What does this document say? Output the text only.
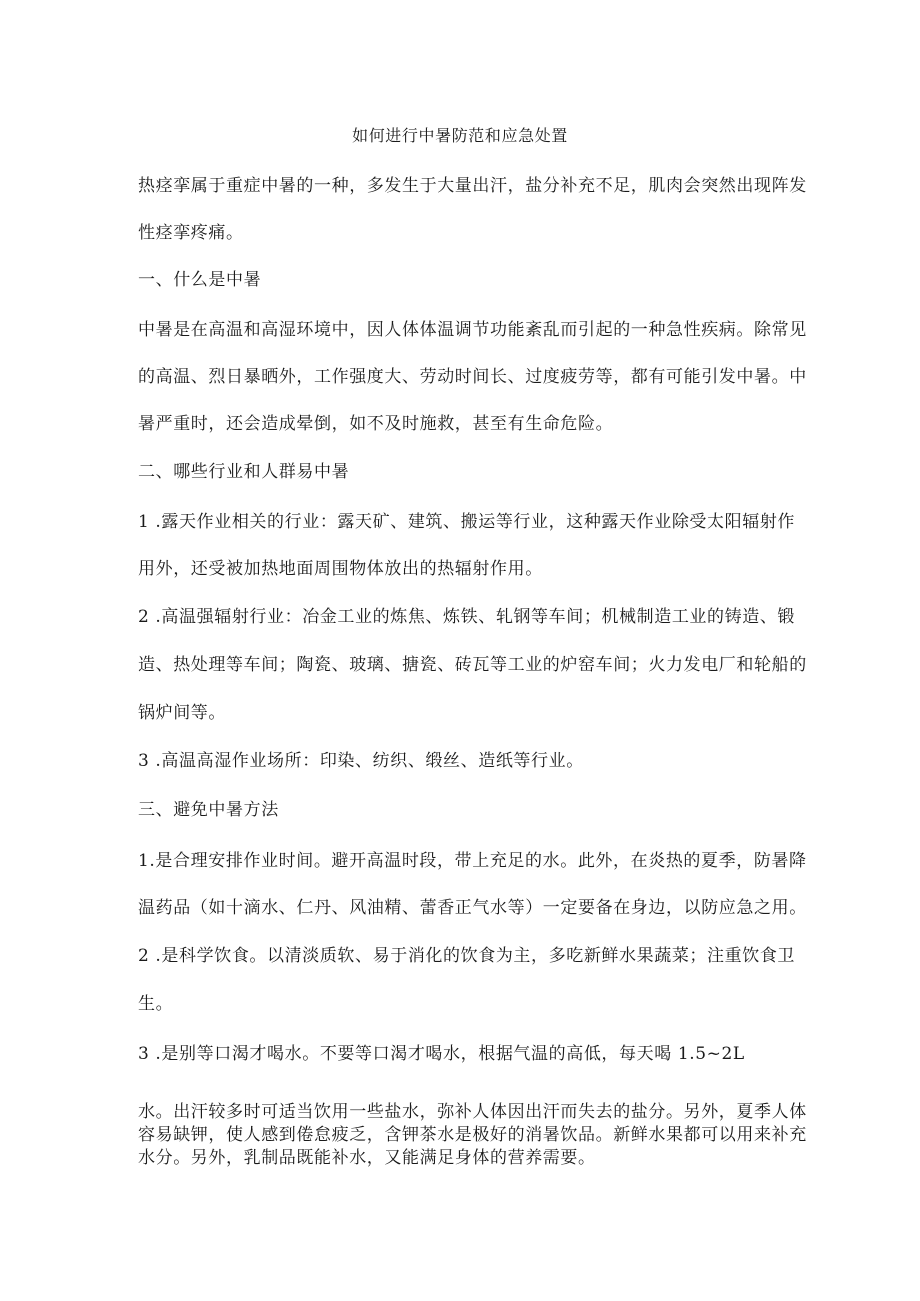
如何进行中暑防范和应急处置
热痉挛属于重症中暑的一种，多发生于大量出汗，盐分补充不足，肌肉会突然出现阵发
性痉挛疼痛。
一、什么是中暑
中暑是在高温和高湿环境中，因人体体温调节功能紊乱而引起的一种急性疾病。除常见
的高温、烈日暴晒外，工作强度大、劳动时间长、过度疲劳等，都有可能引发中暑。中
暑严重时，还会造成晕倒，如不及时施救，甚至有生命危险。
二、哪些行业和人群易中暑
1 .露天作业相关的行业：露天矿、建筑、搬运等行业，这种露天作业除受太阳辐射作
用外，还受被加热地面周围物体放出的热辐射作用。
2 .高温强辐射行业：冶金工业的炼焦、炼铁、轧钢等车间；机械制造工业的铸造、锻
造、热处理等车间；陶瓷、玻璃、搪瓷、砖瓦等工业的炉窑车间；火力发电厂和轮船的
锅炉间等。
3 .高温高湿作业场所：印染、纺织、缎丝、造纸等行业。
三、避免中暑方法
1.是合理安排作业时间。避开高温时段，带上充足的水。此外，在炎热的夏季，防暑降
温药品（如十滴水、仁丹、风油精、蕾香正气水等）一定要备在身边，以防应急之用。
2 .是科学饮食。以清淡质软、易于消化的饮食为主，多吃新鲜水果蔬菜；注重饮食卫
生。
3 .是别等口渴才喝水。不要等口渴才喝水，根据气温的高低，每天喝 1.5~2L
水。出汗较多时可适当饮用一些盐水，弥补人体因出汗而失去的盐分。另外，夏季人体
容易缺钾，使人感到倦怠疲乏，含钾茶水是极好的消暑饮品。新鲜水果都可以用来补充
水分。另外，乳制品既能补水，又能满足身体的营养需要。
